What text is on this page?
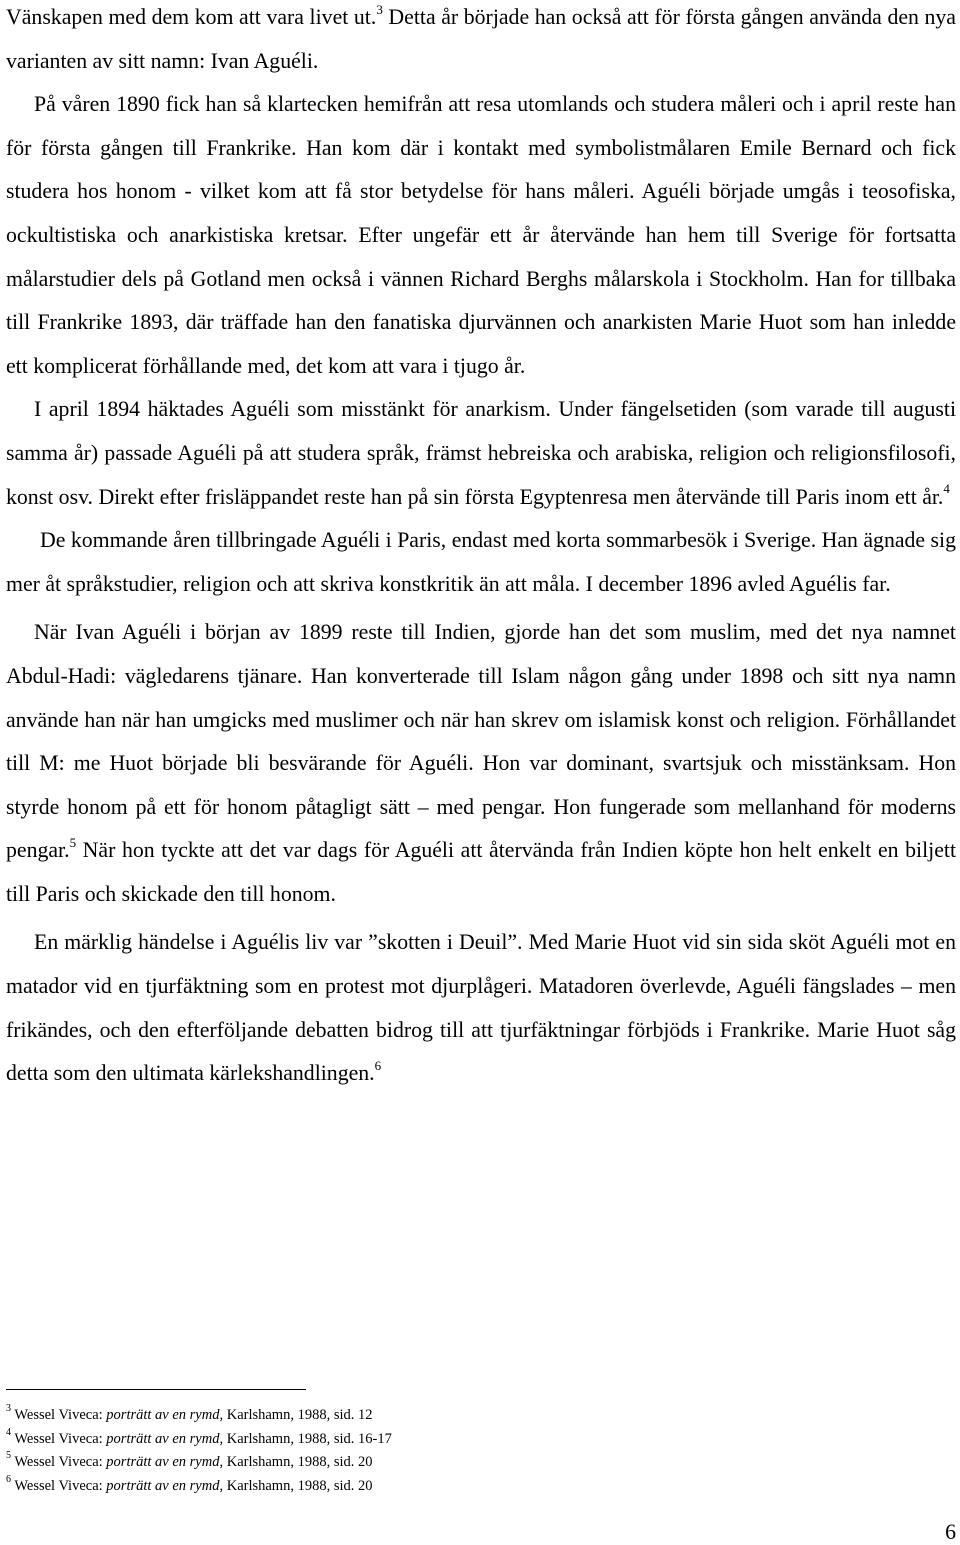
Vänskapen med dem kom att vara livet ut.$^3$ Detta år började han också att för första gången använda den nya varianten av sitt namn: Ivan Aguéli.

På våren 1890 fick han så klartecken hemifrån att resa utomlands och studera måleri och i april reste han för första gången till Frankrike. Han kom där i kontakt med symbolistmålaren Emile Bernard och fick studera hos honom - vilket kom att få stor betydelse för hans måleri. Aguéli började umgås i teosofiska, ockultistiska och anarkistiska kretsar. Efter ungefär ett år återvände han hem till Sverige för fortsatta målarstudier dels på Gotland men också i vännen Richard Berghs målarskola i Stockholm. Han for tillbaka till Frankrike 1893, där träffade han den fanatiska djurvännen och anarkisten Marie Huot som han inledde ett komplicerat förhållande med, det kom att vara i tjugo år.

I april 1894 häktades Aguéli som misstänkt för anarkism. Under fängelsetiden (som varade till augusti samma år) passade Aguéli på att studera språk, främst hebreiska och arabiska, religion och religionsfilosofi, konst osv. Direkt efter frisläppandet reste han på sin första Egyptenresa men återvände till Paris inom ett år.$^4$

De kommande åren tillbringade Aguéli i Paris, endast med korta sommarbesök i Sverige. Han ägnade sig mer åt språkstudier, religion och att skriva konstkritik än att måla. I december 1896 avled Aguélis far.

När Ivan Aguéli i början av 1899 reste till Indien, gjorde han det som muslim, med det nya namnet Abdul-Hadi: vägledarens tjänare. Han konverterade till Islam någon gång under 1898 och sitt nya namn använde han när han umgicks med muslimer och när han skrev om islamisk konst och religion. Förhållandet till M: me Huot började bli besvärande för Aguéli. Hon var dominant, svartsjuk och misstänksam. Hon styrde honom på ett för honom påtagligt sätt – med pengar. Hon fungerade som mellanhand för moderns pengar.$^5$ När hon tyckte att det var dags för Aguéli att återvända från Indien köpte hon helt enkelt en biljett till Paris och skickade den till honom.

En märklig händelse i Aguélis liv var ”skotten i Deuil”. Med Marie Huot vid sin sida sköt Aguéli mot en matador vid en tjurfäktning som en protest mot djurplågeri. Matadoren överlevde, Aguéli fängslades – men frikändes, och den efterföljande debatten bidrog till att tjurfäktningar förbjöds i Frankrike. Marie Huot såg detta som den ultimata kärlekshandlingen.$^6$

$^3$ Wessel Viveca: porträtt av en rymd, Karlshamn, 1988, sid. 12

$^4$ Wessel Viveca: porträtt av en rymd, Karlshamn, 1988, sid. 16-17

$^5$ Wessel Viveca: porträtt av en rymd, Karlshamn, 1988, sid. 20

$^6$ Wessel Viveca: porträtt av en rymd, Karlshamn, 1988, sid. 20

6
